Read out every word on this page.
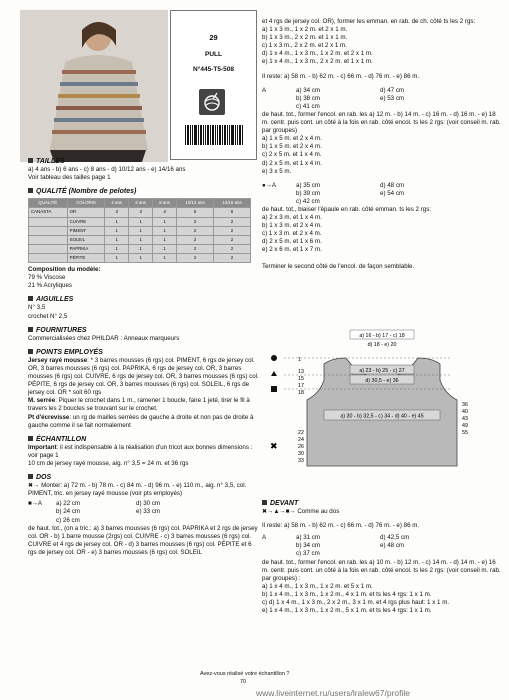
29
PULL
N°445-T5-508
TAILLES
a) 4 ans - b) 6 ans - c) 8 ans - d) 10/12 ans - e) 14/16 ans
Voir tableau des tailles page 1
QUALITÉ (Nombre de pelotes)
QUALITÉ	COLORIS	4 ans	6 ans	8 ans	10/12 ans	14/16 ans
CANASTA	OR	3	3	4	5	6
	CUIVRE	1	1	1	2	2
	PIMENT	1	1	1	2	2
	SOLEIL	1	1	1	2	2
	PAPRIKA	1	1	1	2	2
	PÉPITE	1	1	1	2	2
Composition du modèle:
79 % Viscose
21 % Acryliques
AIGUILLES
N° 3,5
crochet N° 2,5
FOURNITURES
Commercialisées chez PHILDAR : Anneaux marqueurs
POINTS EMPLOYÉS
Jersey rayé mousse: * 3 barres mousses (6 rgs) col. PIMENT, 6 rgs de jersey col. OR, 3 barres mousses (6 rgs) col. PAPRIKA, 6 rgs de jersey col. OR, 3 barres mousses (6 rgs) col. CUIVRE, 6 rgs de jersey col. OR, 3 barres mousses (6 rgs) col. PÉPITE, 6 rgs de jersey col. OR, 3 barres mousses (6 rgs) col. SOLEIL, 6 rgs de jersey col. OR * soit 60 rgs
M. serrée: Piquer le crochet dans 1 m., ramener 1 boucle, faire 1 jeté, tirer le fil à travers les 2 boucles se trouvant sur le crochet.
Pt d'écrevisse: un rg de mailles serrées de gauche à droite et non pas de droite à gauche comme il se fait normalement
ÉCHANTILLON
Important: il est indispensable à la réalisation d'un tricot aux bonnes dimensions : voir page 1
10 cm de jersey rayé mousse, aig. n° 3,5 = 24 m. et 36 rgs
DOS
✖→ Monter: a) 72 m. - b) 78 m. - c) 84 m. - d) 96 m. - e) 110 m., aig. n° 3,5, col. PIMENT, tric. en jersey rayé mousse (voir pts employés)
■→A a) 22 cm	d) 30 cm
b) 24 cm	e) 33 cm
c) 26 cm
de haut. tot., (on a tric.: a) 3 barres mousses (6 rgs) col. PAPRIKA et 2 rgs de jersey col. OR - b) 1 barre mousse (2rgs) col. CUIVRE - c) 3 barres mousses (6 rgs) col. CUIVRE et 4 rgs de jersey col. OR - d) 3 barres mousses (6 rgs) col. PÉPITE et 6 rgs de jersey col. OR - e) 3 barres mousses (6 rgs) col. SOLEIL
et 4 rgs de jersey col. OR), former les emman. en rab. de ch. côté ts les 2 rgs:
a) 1 x 3 m., 1 x 2 m. et 2 x 1 m.
b) 1 x 3 m., 2 x 2 m. et 1 x 1 m.
c) 1 x 3 m., 2 x 2 m. et 2 x 1 m.
d) 1 x 4 m., 1 x 3 m., 1 x 2 m. et 2 x 1 m.
e) 1 x 4 m., 1 x 3 m., 2 x 2 m. et 1 x 1 m.
Il reste: a) 58 m. - b) 62 m. - c) 66 m. - d) 76 m. - e) 86 m.
A	a) 34 cm	d) 47 cm
b) 38 cm	e) 53 cm
c) 41 cm
de haut. tot., former l'encol. en rab. les a) 12 m. - b) 14 m. - c) 16 m. - d) 16 m. - e) 18 m. centr. puis cont. un côté à la fois en rab. côté encol. ts les 2 rgs: (voir conseil m. rab. par groupes)
a) 1 x 5 m. et 2 x 4 m.
b) 1 x 5 m. et 2 x 4 m.
c) 2 x 5 m. et 1 x 4 m.
d) 2 x 5 m. et 1 x 4 m.
e) 3 x 5 m.
●→A	a) 35 cm	d) 48 cm
b) 39 cm	e) 54 cm
c) 42 cm
de haut. tot., biaiser l'épaule en rab. côté emman. ts les 2 rgs:
a) 2 x 3 m. et 1 x 4 m.
b) 1 x 3 m. et 2 x 4 m.
c) 1 x 3 m. et 2 x 4 m.
d) 2 x 5 m. et 1 x 6 m.
e) 2 x 6 m. et 1 x 7 m.
Terminer le second côté de l'encol. de façon semblable.
✖
a) 16 - b) 17 - c) 18
d) 18 - e) 20
a) 23 - b) 25 - c) 27
d) 30,5 - e) 36
a) 30 - b) 32,5 - c) 34 - d) 40 - e) 45
1
13
15
17
18
22
24
26
30
33
36
40
43
49
55
DEVANT
✖→▲→■→ Comme au dos
Il reste: a) 58 m. - b) 62 m. - c) 66 m. - d) 76 m. - e) 86 m.
A	a) 31 cm	d) 42,5 cm
b) 34 cm	e) 48 cm
c) 37 cm
de haut. tot., former l'encol. en rab. les a) 10 m. - b) 12 m. - c) 14 m. - d) 14 m. - e) 16 m. centr. puis cont. un côté à la fois en rab. côté encol. ts les 2 rgs: (voir conseil m. rab. par groupes) :
a) 1 x 4 m., 1 x 3 m., 1 x 2 m. et 5 x 1 m.
b) 1 x 4 m., 1 x 3 m., 1 x 2 m., 4 x 1 m. et ts les 4 rgs: 1 x 1 m.
c) d) 1 x 4 m., 1 x 3 m., 2 x 2 m., 3 x 1 m. et 4 rgs plus haut: 1 x 1 m.
e) 1 x 4 m., 1 x 3 m., 1 x 2 m., 5 x 1 m. et ts les 4 rgs: 1 x 1 m.
Avez-vous réalisé votre échantillon ?
70
www.liveinternet.ru/users/lralew67/profile
